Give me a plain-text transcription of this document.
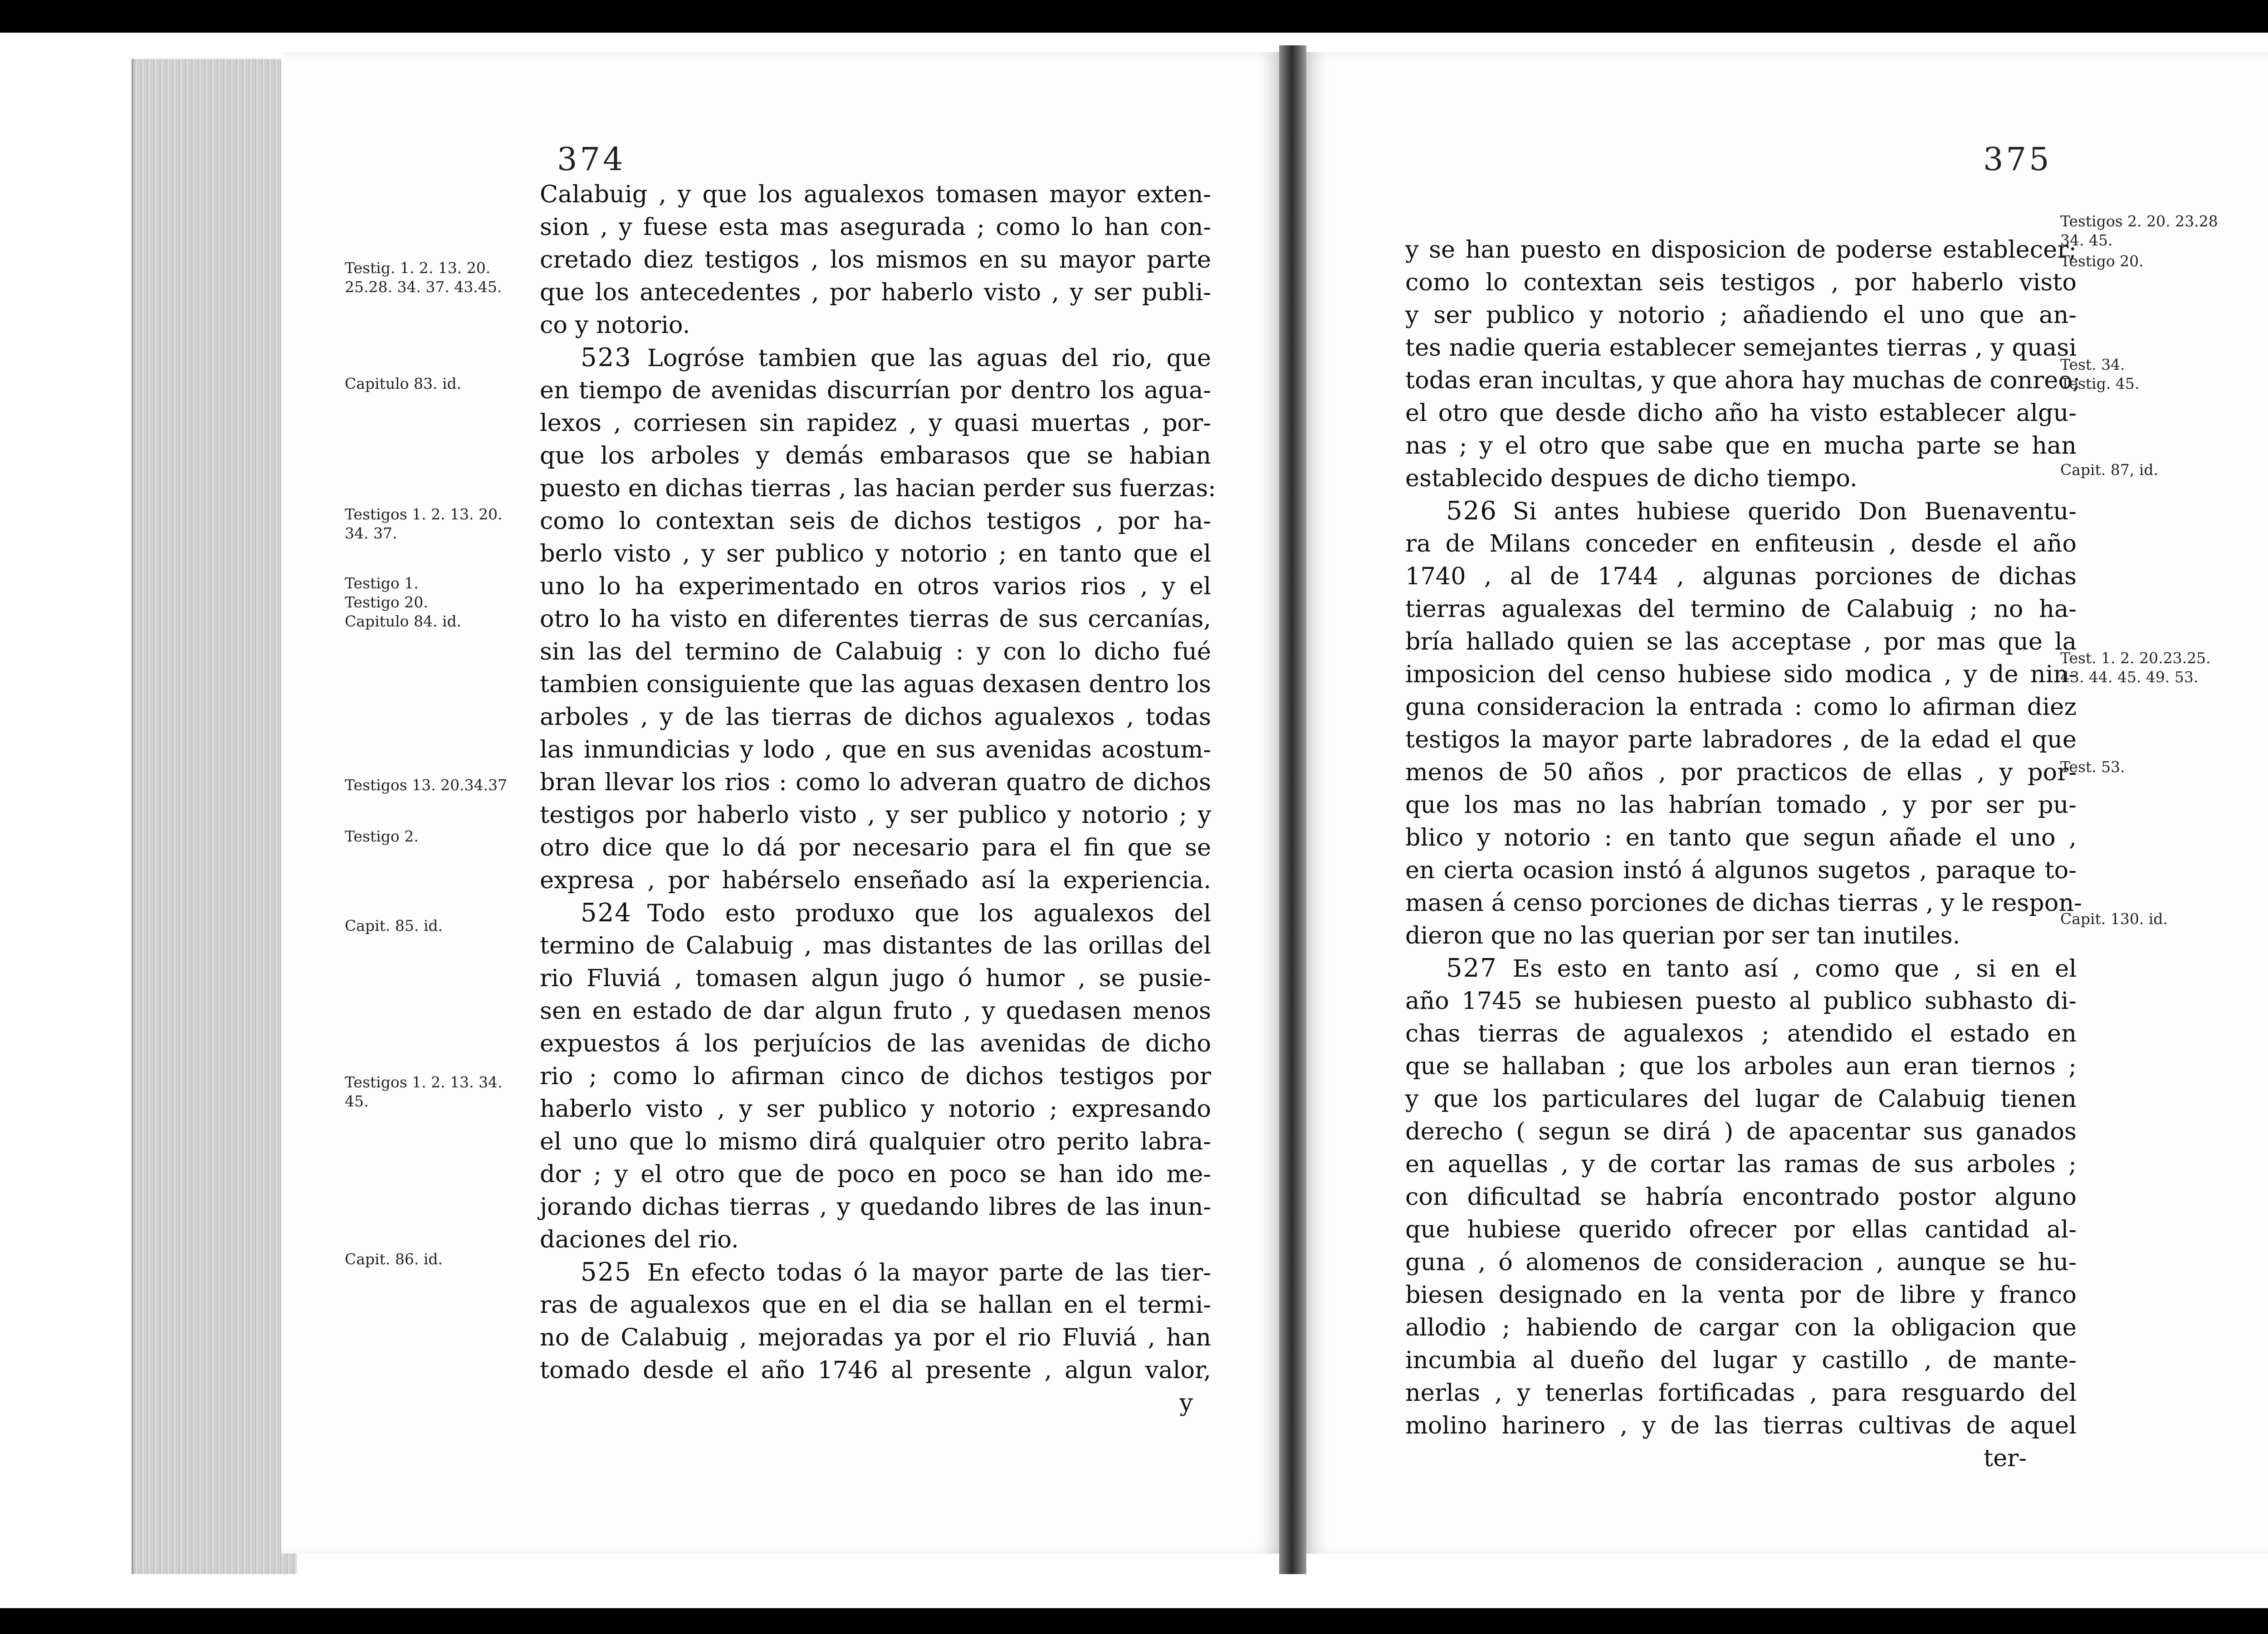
374
Testig. 1. 2. 13. 20.
25.28. 34. 37. 43.45.
Capitulo 83. id.
Testigos 1. 2. 13. 20.
34. 37.
Testigo 1.
Testigo 20.
Capitulo 84. id.
Testigos 13. 20.34.37
Testigo 2.
Capit. 85. id.
Testigos 1. 2. 13. 34.
45.
Capit. 86. id.
Calabuig , y que los agualexos tomasen mayor exten-
sion , y fuese esta mas asegurada ; como lo han con-
cretado diez testigos , los mismos en su mayor parte
que los antecedentes , por haberlo visto , y ser publi-
co y notorio.
523 Logróse tambien que las aguas del rio, que
en tiempo de avenidas discurrían por dentro los agua-
lexos , corriesen sin rapidez , y quasi muertas , por-
que los arboles y demás embarasos que se habian
puesto en dichas tierras , las hacian perder sus fuerzas:
como lo contextan seis de dichos testigos , por ha-
berlo visto , y ser publico y notorio ; en tanto que el
uno lo ha experimentado en otros varios rios , y el
otro lo ha visto en diferentes tierras de sus cercanías,
sin las del termino de Calabuig : y con lo dicho fué
tambien consiguiente que las aguas dexasen dentro los
arboles , y de las tierras de dichos agualexos , todas
las inmundicias y lodo , que en sus avenidas acostum-
bran llevar los rios : como lo adveran quatro de dichos
testigos por haberlo visto , y ser publico y notorio ; y
otro dice que lo dá por necesario para el fin que se
expresa , por habérselo enseñado así la experiencia.
524 Todo esto produxo que los agualexos del
termino de Calabuig , mas distantes de las orillas del
rio Fluviá , tomasen algun jugo ó humor , se pusie-
sen en estado de dar algun fruto , y quedasen menos
expuestos á los perjuícios de las avenidas de dicho
rio ; como lo afirman cinco de dichos testigos por
haberlo visto , y ser publico y notorio ; expresando
el uno que lo mismo dirá qualquier otro perito labra-
dor ; y el otro que de poco en poco se han ido me-
jorando dichas tierras , y quedando libres de las inun-
daciones del rio.
525 En efecto todas ó la mayor parte de las tier-
ras de agualexos que en el dia se hallan en el termi-
no de Calabuig , mejoradas ya por el rio Fluviá , han
tomado desde el año 1746 al presente , algun valor,
y
375
y se han puesto en disposicion de poderse establecer;
como lo contextan seis testigos , por haberlo visto
y ser publico y notorio ; añadiendo el uno que an-
tes nadie queria establecer semejantes tierras , y quasi
todas eran incultas, y que ahora hay muchas de conreo;
el otro que desde dicho año ha visto establecer algu-
nas ; y el otro que sabe que en mucha parte se han
establecido despues de dicho tiempo.
526 Si antes hubiese querido Don Buenaventu-
ra de Milans conceder en enfiteusin , desde el año
1740 , al de 1744 , algunas porciones de dichas
tierras agualexas del termino de Calabuig ; no ha-
bría hallado quien se las acceptase , por mas que la
imposicion del censo hubiese sido modica , y de nin-
guna consideracion la entrada : como lo afirman diez
testigos la mayor parte labradores , de la edad el que
menos de 50 años , por practicos de ellas , y por-
que los mas no las habrían tomado , y por ser pu-
blico y notorio : en tanto que segun añade el uno ,
en cierta ocasion instó á algunos sugetos , paraque to-
masen á censo porciones de dichas tierras , y le respon-
dieron que no las querian por ser tan inutiles.
527 Es esto en tanto así , como que , si en el
año 1745 se hubiesen puesto al publico subhasto di-
chas tierras de agualexos ; atendido el estado en
que se hallaban ; que los arboles aun eran tiernos ;
y que los particulares del lugar de Calabuig tienen
derecho ( segun se dirá ) de apacentar sus ganados
en aquellas , y de cortar las ramas de sus arboles ;
con dificultad se habría encontrado postor alguno
que hubiese querido ofrecer por ellas cantidad al-
guna , ó alomenos de consideracion , aunque se hu-
biesen designado en la venta por de libre y franco
allodio ; habiendo de cargar con la obligacion que
incumbia al dueño del lugar y castillo , de mante-
nerlas , y tenerlas fortificadas , para resguardo del
molino harinero , y de las tierras cultivas de aquel
ter-
Testigos 2. 20. 23.28
34. 45.
Testigo 20.
Test. 34.
Testig. 45.
Capit. 87, id.
Test. 1. 2. 20.23.25.
43. 44. 45. 49. 53.
Test. 53.
Capit. 130. id.
